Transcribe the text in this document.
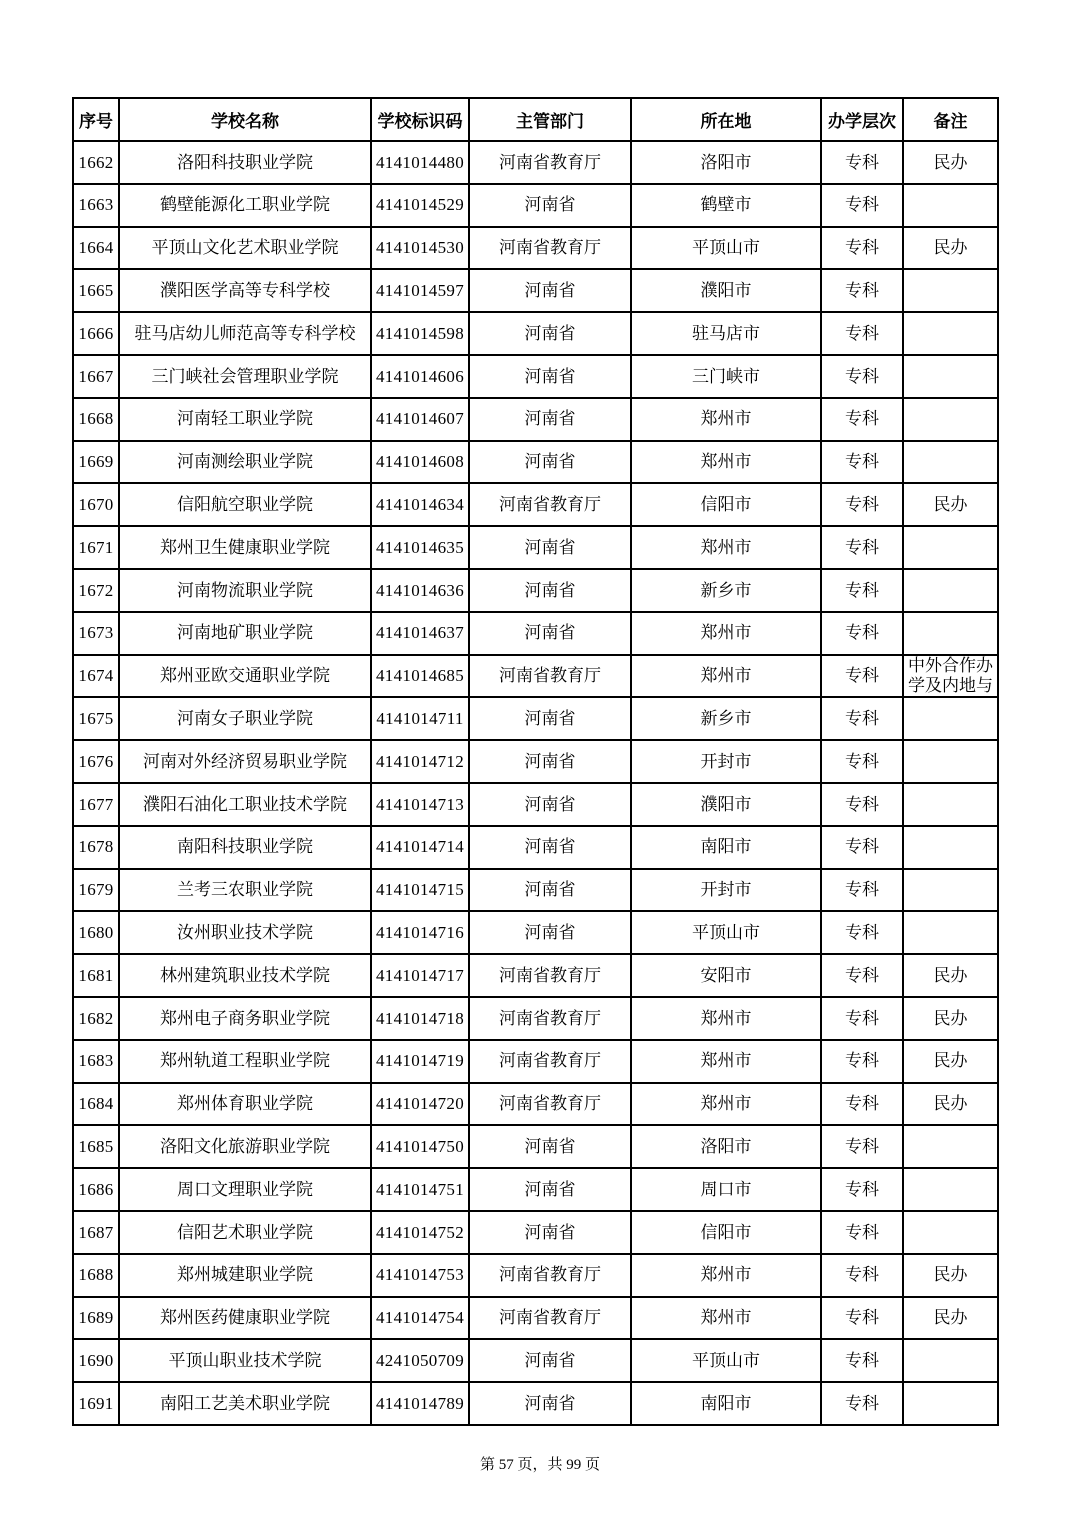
序号	学校名称	学校标识码	主管部门	所在地	办学层次	备注
1662	洛阳科技职业学院	4141014480	河南省教育厅	洛阳市	专科	民办
1663	鹤壁能源化工职业学院	4141014529	河南省	鹤壁市	专科	
1664	平顶山文化艺术职业学院	4141014530	河南省教育厅	平顶山市	专科	民办
1665	濮阳医学高等专科学校	4141014597	河南省	濮阳市	专科	
1666	驻马店幼儿师范高等专科学校	4141014598	河南省	驻马店市	专科	
1667	三门峡社会管理职业学院	4141014606	河南省	三门峡市	专科	
1668	河南轻工职业学院	4141014607	河南省	郑州市	专科	
1669	河南测绘职业学院	4141014608	河南省	郑州市	专科	
1670	信阳航空职业学院	4141014634	河南省教育厅	信阳市	专科	民办
1671	郑州卫生健康职业学院	4141014635	河南省	郑州市	专科	
1672	河南物流职业学院	4141014636	河南省	新乡市	专科	
1673	河南地矿职业学院	4141014637	河南省	郑州市	专科	
1674	郑州亚欧交通职业学院	4141014685	河南省教育厅	郑州市	专科	中外合作办学及内地与
1675	河南女子职业学院	4141014711	河南省	新乡市	专科	
1676	河南对外经济贸易职业学院	4141014712	河南省	开封市	专科	
1677	濮阳石油化工职业技术学院	4141014713	河南省	濮阳市	专科	
1678	南阳科技职业学院	4141014714	河南省	南阳市	专科	
1679	兰考三农职业学院	4141014715	河南省	开封市	专科	
1680	汝州职业技术学院	4141014716	河南省	平顶山市	专科	
1681	林州建筑职业技术学院	4141014717	河南省教育厅	安阳市	专科	民办
1682	郑州电子商务职业学院	4141014718	河南省教育厅	郑州市	专科	民办
1683	郑州轨道工程职业学院	4141014719	河南省教育厅	郑州市	专科	民办
1684	郑州体育职业学院	4141014720	河南省教育厅	郑州市	专科	民办
1685	洛阳文化旅游职业学院	4141014750	河南省	洛阳市	专科	
1686	周口文理职业学院	4141014751	河南省	周口市	专科	
1687	信阳艺术职业学院	4141014752	河南省	信阳市	专科	
1688	郑州城建职业学院	4141014753	河南省教育厅	郑州市	专科	民办
1689	郑州医药健康职业学院	4141014754	河南省教育厅	郑州市	专科	民办
1690	平顶山职业技术学院	4241050709	河南省	平顶山市	专科	
1691	南阳工艺美术职业学院	4141014789	河南省	南阳市	专科	
第 57 页，共 99 页
